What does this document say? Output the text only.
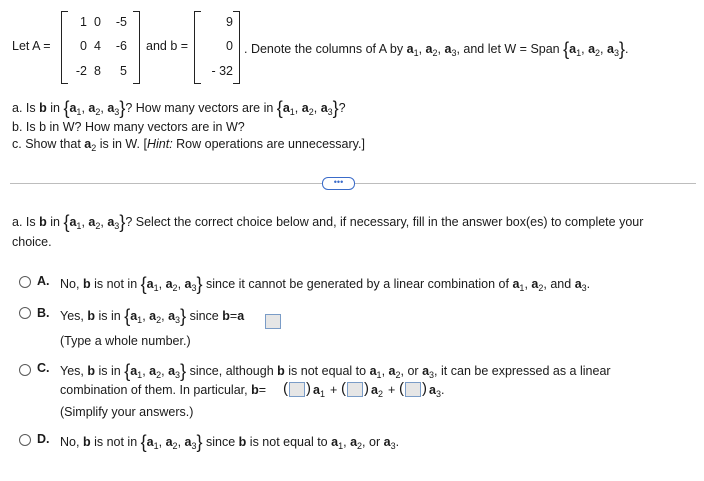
Let A =
1 0	-5
0 4	-6
-2 8	5
and b =
9
0
- 32
. Denote the columns of A by $a_1$, $a_2$, $a_3$, and let W = Span {$a_1$, $a_2$, $a_3$}.
a. Is b in {$a_1$, $a_2$, $a_3$}? How many vectors are in {$a_1$, $a_2$, $a_3$}?
b. Is b in W? How many vectors are in W?
c. Show that $a_2$ is in W. [Hint: Row operations are unnecessary.]
•••
a. Is b in {$a_1$, $a_2$, $a_3$}? Select the correct choice below and, if necessary, fill in the answer box(es) to complete your
choice.
A. No, b is not in {$a_1$, $a_2$, $a_3$} since it cannot be generated by a linear combination of $a_1$, $a_2$, and $a_3$.
B. Yes, b is in {$a_1$, $a_2$, $a_3$} since b=a
(Type a whole number.)
C. Yes, b is in {$a_1$, $a_2$, $a_3$} since, although b is not equal to $a_1$, $a_2$, or $a_3$, it can be expressed as a linear
combination of them. In particular, b= ( ) $a_1$ + ( ) $a_2$ + ( ) $a_3$.
(Simplify your answers.)
D. No, b is not in {$a_1$, $a_2$, $a_3$} since b is not equal to $a_1$, $a_2$, or $a_3$.
